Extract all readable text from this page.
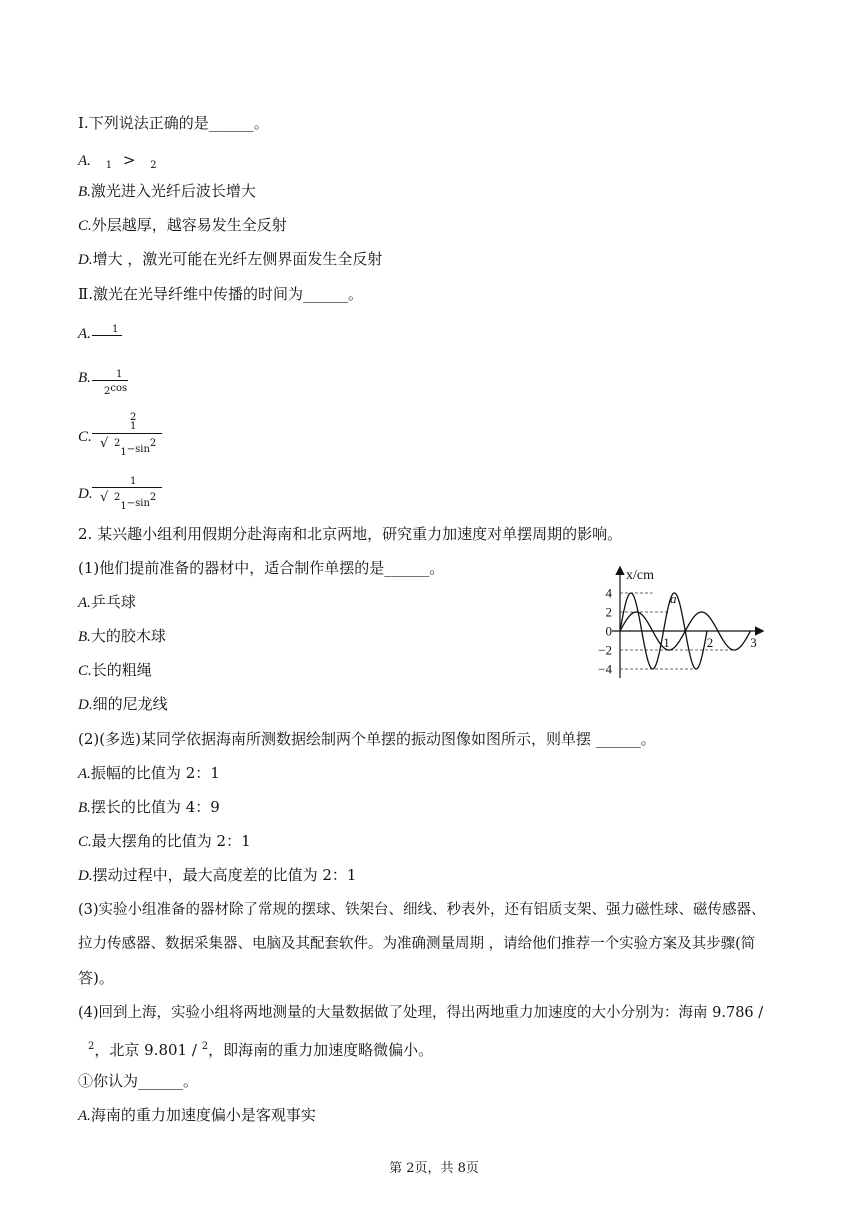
Ⅰ.下列说法正确的是______。
A. $_1$ > $_2$
B.激光进入光纤后波长增大
C.外层越厚，越容易发生全反射
D.增大 ，激光可能在光纤左侧界面发生全反射
Ⅱ.激光在光导纤维中传播的时间为______。
A. 1
B.	1
2cos
C.
2
1
√ 21−sin2
D.
1
√ 21−sin2
2. 某兴趣小组利用假期分赴海南和北京两地，研究重力加速度对单摆周期的影响。
(1)他们提前准备的器材中，适合制作单摆的是______。
A.乒乓球
B.大的胶木球
C.长的粗绳
D.细的尼龙线
(2)(多选)某同学依据海南所测数据绘制两个单摆的振动图像如图所示，则单摆 ______。
A.振幅的比值为 2：1
B.摆长的比值为 4：9
C.最大摆角的比值为 2：1
D.摆动过程中，最大高度差的比值为 2：1
(3)实验小组准备的器材除了常规的摆球、铁架台、细线、秒表外，还有铝质支架、强力磁性球、磁传感器、
拉力传感器、数据采集器、电脑及其配套软件。为准确测量周期 ，请给他们推荐一个实验方案及其步骤(简
答)。
(4)回到上海，实验小组将两地测量的大量数据做了处理，得出两地重力加速度的大小分别为：海南 9.786 /
$^2$，北京 9.801 / $^2$，即海南的重力加速度略微偏小。
①你认为______。
A.海南的重力加速度偏小是客观事实
x/cm
4
2
0
−2
−4
1	2	3
a
第 2页，共 8页
